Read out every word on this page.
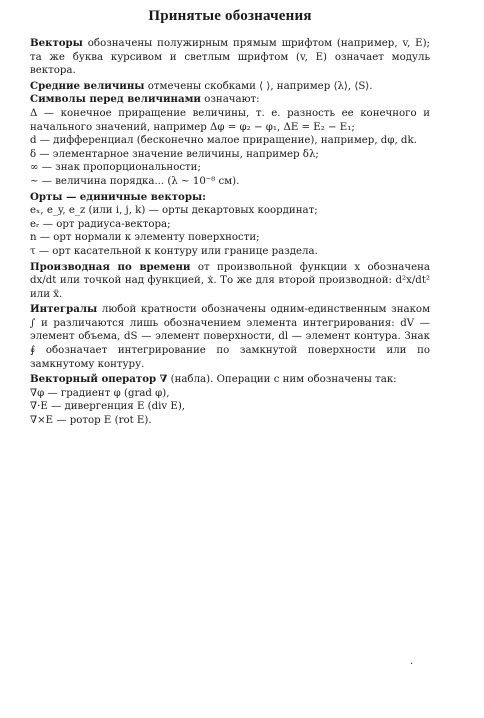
Принятые обозначения

Векторы обозначены полужирным прямым шрифтом (например, v, E); та же буква курсивом и светлым шрифтом (v, E) означает модуль вектора.

Средние величины отмечены скобками ⟨ ⟩, например ⟨λ⟩, ⟨S⟩.

Символы перед величинами означают:

Δ — конечное приращение величины, т. е. разность ее конечного и начального значений, например Δφ = φ₂ − φ₁, ΔE = E₂ − E₁;

d — дифференциал (бесконечно малое приращение), например, dφ, dk.

δ — элементарное значение величины, например δλ;

∞ — знак пропорциональности;

~ — величина порядка... (λ ~ 10⁻⁸ см).

Орты — единичные векторы:

eₓ, e_y, e_z (или i, j, k) — орты декартовых координат;

eᵣ — орт радиуса-вектора;

n — орт нормали к элементу поверхности;

τ — орт касательной к контуру или границе раздела.

Производная по времени от произвольной функции x обозначена dx/dt или точкой над функцией, ẋ. То же для второй производной: d²x/dt² или ẍ.

Интегралы любой кратности обозначены одним-единственным знаком ∫ и различаются лишь обозначением элемента интегрирования: dV — элемент объема, dS — элемент поверхности, dl — элемент контура. Знак ∮ обозначает интегрирование по замкнутой поверхности или по замкнутому контуру.

Векторный оператор ∇ (набла). Операции с ним обозначены так:

∇φ — градиент φ (grad φ),

∇·E — дивергенция E (div E),

∇×E — ротор E (rot E).

.
